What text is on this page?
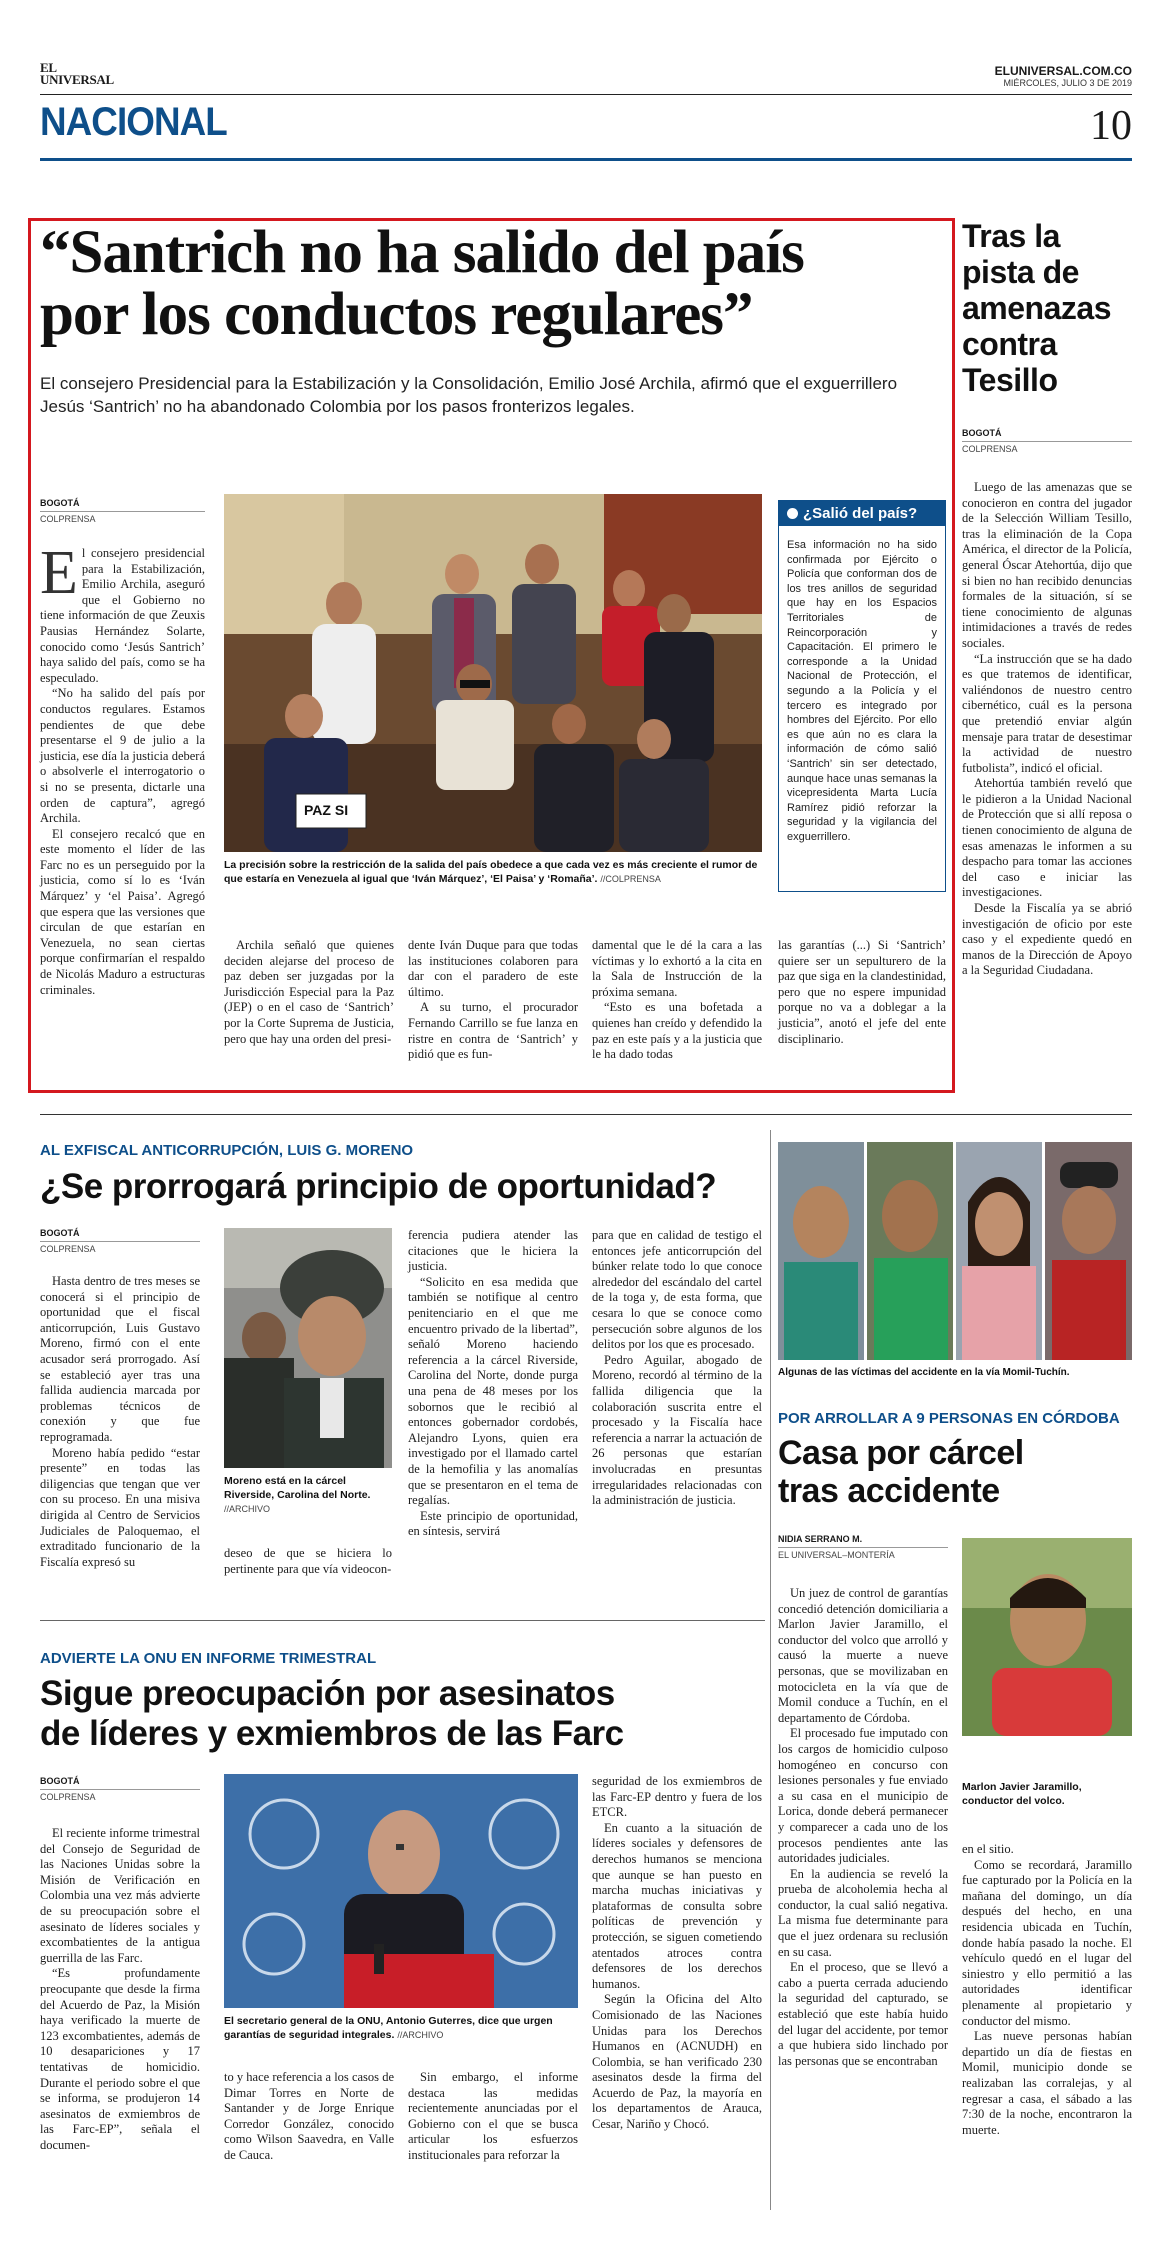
EL
UNIVERSAL
ELUNIVERSAL.COM.CO
MIÉRCOLES, JULIO 3 DE 2019
NACIONAL	10
“Santrich no ha salido del país
por los conductos regulares”
El consejero Presidencial para la Estabilización y la Consolidación, Emilio José Archila, afirmó que el exguerrillero Jesús ‘Santrich’ no ha abandonado Colombia por los pasos fronterizos legales.
BOGOTÁ
COLPRENSA

El consejero presidencial para la Estabilización, Emilio Archila, aseguró que el Gobierno no tiene información de que Zeuxis Pausias Hernández Solarte, conocido como ‘Jesús Santrich’ haya salido del país, como se ha especulado.

“No ha salido del país por conductos regulares. Estamos pendientes de que debe presentarse el 9 de julio a la justicia, ese día la justicia deberá o absolverle el interrogatorio o si no se presenta, dictarle una orden de captura”, agregó Archila.

El consejero recalcó que en este momento el líder de las Farc no es un perseguido por la justicia, como sí lo es ‘Iván Márquez’ y ‘el Paisa’. Agregó que espera que las versiones que circulan de que estarían en Venezuela, no sean ciertas porque confirmarían el respaldo de Nicolás Maduro a estructuras criminales.

PAZ SI
La precisión sobre la restricción de la salida del país obedece a que cada vez es más creciente el rumor de que estaría en Venezuela al igual que ‘Iván Márquez’, ‘El Paisa’ y ‘Romaña’. //COLPRENSA
¿Salió del país?
Esa información no ha sido confirmada por Ejército o Policía que conforman dos de los tres anillos de seguridad que hay en los Espacios Territoriales de Reincorporación y Capacitación. El primero le corresponde a la Unidad Nacional de Protección, el segundo a la Policía y el tercero es integrado por hombres del Ejército. Por ello es que aún no es clara la información de cómo salió ‘Santrich’ sin ser detectado, aunque hace unas semanas la vicepresidenta Marta Lucía Ramírez pidió reforzar la seguridad y la vigilancia del exguerrillero.

Archila señaló que quienes deciden alejarse del proceso de paz deben ser juzgadas por la Jurisdicción Especial para la Paz (JEP) o en el caso de ‘Santrich’ por la Corte Suprema de Justicia, pero que hay una orden del presi-

dente Iván Duque para que todas las instituciones colaboren para dar con el paradero de este último.

A su turno, el procurador Fernando Carrillo se fue lanza en ristre en contra de ‘Santrich’ y pidió que es fun-

damental que le dé la cara a las víctimas y lo exhortó a la cita en la Sala de Instrucción de la próxima semana.

“Esto es una bofetada a quienes han creído y defendido la paz en este país y a la justicia que le ha dado todas

las garantías (...) Si ‘Santrich’ quiere ser un sepulturero de la paz que siga en la clandestinidad, pero que no espere impunidad porque no va a doblegar a la justicia”, anotó el jefe del ente disciplinario.

Tras la pista de amenazas contra Tesillo
BOGOTÁ
COLPRENSA

Luego de las amenazas que se conocieron en contra del jugador de la Selección William Tesillo, tras la eliminación de la Copa América, el director de la Policía, general Óscar Atehortúa, dijo que si bien no han recibido denuncias formales de la situación, sí se tiene conocimiento de algunas intimidaciones a través de redes sociales.

“La instrucción que se ha dado es que tratemos de identificar, valiéndonos de nuestro centro cibernético, cuál es la persona que pretendió enviar algún mensaje para tratar de desestimar la actividad de nuestro futbolista”, indicó el oficial.

Atehortúa también reveló que le pidieron a la Unidad Nacional de Protección que si allí reposa o tienen conocimiento de alguna de esas amenazas le informen a su despacho para tomar las acciones del caso e iniciar las investigaciones.

Desde la Fiscalía ya se abrió investigación de oficio por este caso y el expediente quedó en manos de la Dirección de Apoyo a la Seguridad Ciudadana.

AL EXFISCAL ANTICORRUPCIÓN, LUIS G. MORENO
¿Se prorrogará principio de oportunidad?
BOGOTÁ
COLPRENSA

Hasta dentro de tres meses se conocerá si el principio de oportunidad que el fiscal anticorrupción, Luis Gustavo Moreno, firmó con el ente acusador será prorrogado. Así se estableció ayer tras una fallida audiencia marcada por problemas técnicos de conexión y que fue reprogramada.

Moreno había pedido “estar presente” en todas las diligencias que tengan que ver con su proceso. En una misiva dirigida al Centro de Servicios Judiciales de Paloquemao, el extraditado funcionario de la Fiscalía expresó su

Moreno está en la cárcel Riverside, Carolina del Norte. //ARCHIVO

deseo de que se hiciera lo pertinente para que vía videocon-

ferencia pudiera atender las citaciones que le hiciera la justicia.

“Solicito en esa medida que también se notifique al centro penitenciario en el que me encuentro privado de la libertad”, señaló Moreno haciendo referencia a la cárcel Riverside, Carolina del Norte, donde purga una pena de 48 meses por los sobornos que le recibió al entonces gobernador cordobés, Alejandro Lyons, quien era investigado por el llamado cartel de la hemofilia y las anomalías que se presentaron en el tema de regalías.

Este principio de oportunidad, en síntesis, servirá

para que en calidad de testigo el entonces jefe anticorrupción del búnker relate todo lo que conoce alrededor del escándalo del cartel de la toga y, de esta forma, que cesara lo que se conoce como persecución sobre algunos de los delitos por los que es procesado.

Pedro Aguilar, abogado de Moreno, recordó al término de la fallida diligencia que la colaboración suscrita entre el procesado y la Fiscalía hace referencia a narrar la actuación de 26 personas que estarían involucradas en presuntas irregularidades relacionadas con la administración de justicia.

ADVIERTE LA ONU EN INFORME TRIMESTRAL
Sigue preocupación por asesinatos
de líderes y exmiembros de las Farc
BOGOTÁ
COLPRENSA

El reciente informe trimestral del Consejo de Seguridad de las Naciones Unidas sobre la Misión de Verificación en Colombia una vez más advierte de su preocupación sobre el asesinato de líderes sociales y excombatientes de la antigua guerrilla de las Farc.

“Es profundamente preocupante que desde la firma del Acuerdo de Paz, la Misión haya verificado la muerte de 123 excombatientes, además de 10 desapariciones y 17 tentativas de homicidio. Durante el periodo sobre el que se informa, se produjeron 14 asesinatos de exmiembros de las Farc-EP”, señala el documen-

El secretario general de la ONU, Antonio Guterres, dice que urgen garantías de seguridad integrales. //ARCHIVO

to y hace referencia a los casos de Dimar Torres en Norte de Santander y de Jorge Enrique Corredor González, conocido como Wilson Saavedra, en Valle de Cauca.

Sin embargo, el informe destaca las medidas recientemente anunciadas por el Gobierno con el que se busca articular los esfuerzos institucionales para reforzar la

seguridad de los exmiembros de las Farc-EP dentro y fuera de los ETCR.

En cuanto a la situación de líderes sociales y defensores de derechos humanos se menciona que aunque se han puesto en marcha muchas iniciativas y plataformas de consulta sobre políticas de prevención y protección, se siguen cometiendo atentados atroces contra defensores de los derechos humanos.

Según la Oficina del Alto Comisionado de las Naciones Unidas para los Derechos Humanos en (ACNUDH) en Colombia, se han verificado 230 asesinatos desde la firma del Acuerdo de Paz, la mayoría en los departamentos de Arauca, Cesar, Nariño y Chocó.

Algunas de las víctimas del accidente en la vía Momil-Tuchín.
POR ARROLLAR A 9 PERSONAS EN CÓRDOBA
Casa por cárcel
tras accidente
NIDIA SERRANO M.
EL UNIVERSAL–MONTERÍA

Un juez de control de garantías concedió detención domiciliaria a Marlon Javier Jaramillo, el conductor del volco que arrolló y causó la muerte a nueve personas, que se movilizaban en motocicleta en la vía que de Momil conduce a Tuchín, en el departamento de Córdoba.

El procesado fue imputado con los cargos de homicidio culposo homogéneo en concurso con lesiones personales y fue enviado a su casa en el municipio de Lorica, donde deberá permanecer y comparecer a cada uno de los procesos pendientes ante las autoridades judiciales.

En la audiencia se reveló la prueba de alcoholemia hecha al conductor, la cual salió negativa. La misma fue determinante para que el juez ordenara su reclusión en su casa.

En el proceso, que se llevó a cabo a puerta cerrada aduciendo la seguridad del capturado, se estableció que este había huido del lugar del accidente, por temor a que hubiera sido linchado por las personas que se encontraban

Marlon Javier Jaramillo, conductor del volco.

en el sitio.

Como se recordará, Jaramillo fue capturado por la Policía en la mañana del domingo, un día después del hecho, en una residencia ubicada en Tuchín, donde había pasado la noche. El vehículo quedó en el lugar del siniestro y ello permitió a las autoridades identificar plenamente al propietario y conductor del mismo.

Las nueve personas habían departido un día de fiestas en Momil, municipio donde se realizaban las corralejas, y al regresar a casa, el sábado a las 7:30 de la noche, encontraron la muerte.
